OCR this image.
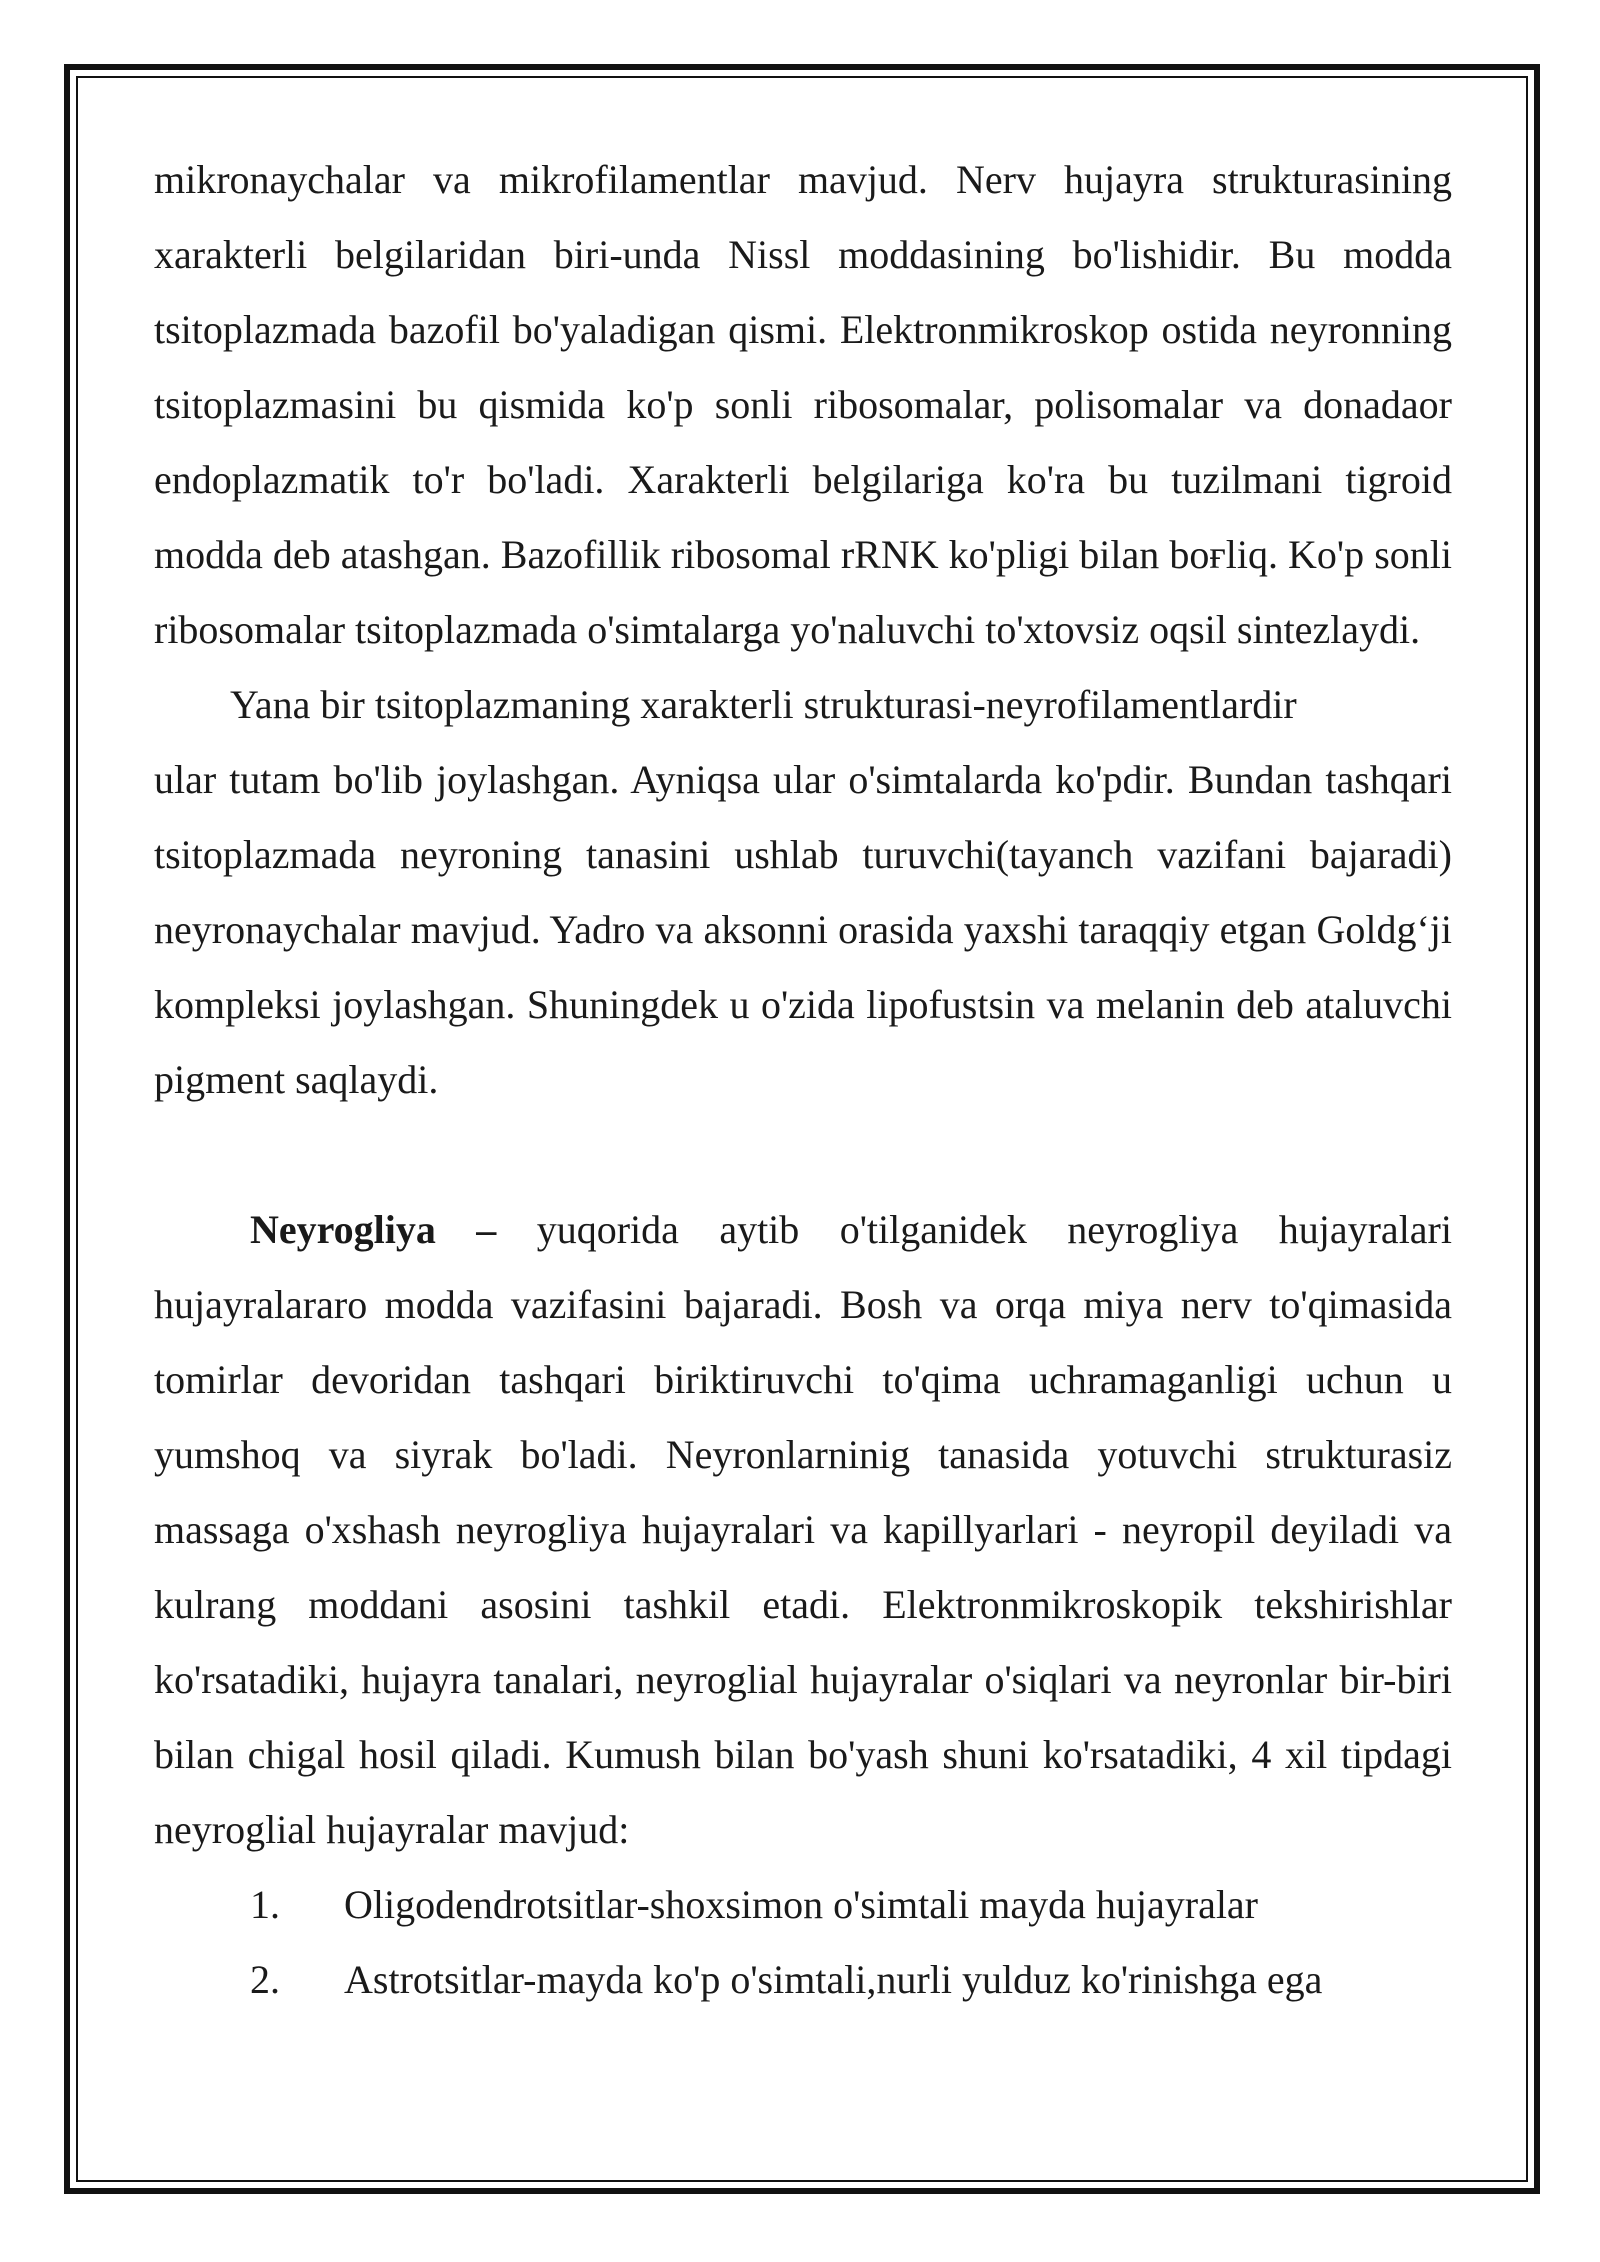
mikronaychalar va mikrofilamentlar mavjud. Nerv hujayra strukturasining xarakterli belgilaridan biri-unda Nissl moddasining bo'lishidir. Bu modda tsitoplazmada bazofil bo'yaladigan qismi. Elektronmikroskop ostida neyronning tsitoplazmasini bu qismida ko'p sonli ribosomalar, polisomalar va donadaor endoplazmatik to'r bo'ladi. Xarakterli belgilariga ko'ra bu tuzilmani tigroid modda deb atashgan. Bazofillik ribosomal rRNK ko'pligi bilan boғliq. Ko'p sonli ribosomalar tsitoplazmada o'simtalarga yo'naluvchi to'xtovsiz oqsil sintezlaydi.

Yana bir tsitoplazmaning xarakterli strukturasi-neyrofilamentlardir
ular tutam bo'lib joylashgan. Ayniqsa ular o'simtalarda ko'pdir. Bundan tashqari tsitoplazmada neyroning tanasini ushlab turuvchi(tayanch vazifani bajaradi) neyronaychalar mavjud. Yadro va aksonni orasida yaxshi taraqqiy etgan Goldg‘ji kompleksi joylashgan. Shuningdek u o'zida lipofustsin va melanin deb ataluvchi pigment saqlaydi.

Neyrogliya – yuqorida aytib o'tilganidek neyrogliya hujayralari hujayralararo modda vazifasini bajaradi. Bosh va orqa miya nerv to'qimasida tomirlar devoridan tashqari biriktiruvchi to'qima uchramaganligi uchun u yumshoq va siyrak bo'ladi. Neyronlarninig tanasida yotuvchi strukturasiz massaga o'xshash neyrogliya hujayralari va kapillyarlari - neyropil deyiladi va kulrang moddani asosini tashkil etadi. Elektronmikroskopik tekshirishlar ko'rsatadiki, hujayra tanalari, neyroglial hujayralar o'siqlari va neyronlar bir-biri bilan chigal hosil qiladi. Kumush bilan bo'yash shuni ko'rsatadiki, 4 xil tipdagi neyroglial hujayralar mavjud:

1. Oligodendrotsitlar-shoxsimon o'simtali mayda hujayralar

2. Astrotsitlar-mayda ko'p o'simtali,nurli yulduz ko'rinishga ega
